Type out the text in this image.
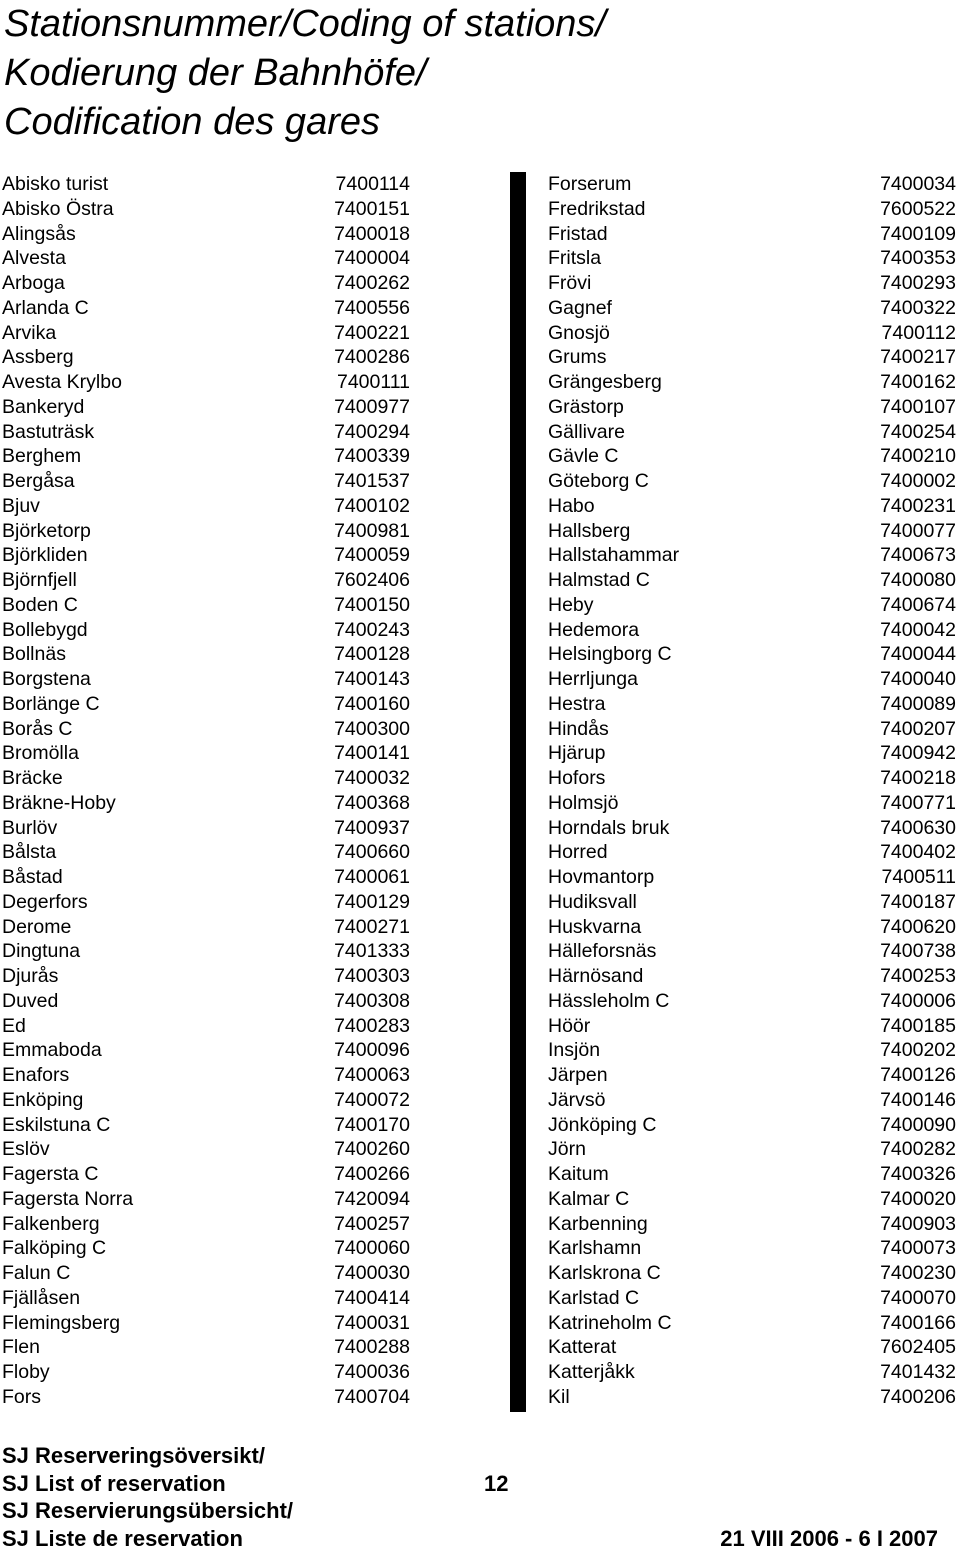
Stationsnummer/Coding of stations/
Kodierung der Bahnhöfe/
Codification des gares
Abisko turist	7400114
Abisko Östra	7400151
Alingsås	7400018
Alvesta	7400004
Arboga	7400262
Arlanda C	7400556
Arvika	7400221
Assberg	7400286
Avesta Krylbo	7400111
Bankeryd	7400977
Bastuträsk	7400294
Berghem	7400339
Bergåsa	7401537
Bjuv	7400102
Björketorp	7400981
Björkliden	7400059
Björnfjell	7602406
Boden C	7400150
Bollebygd	7400243
Bollnäs	7400128
Borgstena	7400143
Borlänge C	7400160
Borås C	7400300
Bromölla	7400141
Bräcke	7400032
Bräkne-Hoby	7400368
Burlöv	7400937
Bålsta	7400660
Båstad	7400061
Degerfors	7400129
Derome	7400271
Dingtuna	7401333
Djurås	7400303
Duved	7400308
Ed	7400283
Emmaboda	7400096
Enafors	7400063
Enköping	7400072
Eskilstuna C	7400170
Eslöv	7400260
Fagersta C	7400266
Fagersta Norra	7420094
Falkenberg	7400257
Falköping C	7400060
Falun C	7400030
Fjällåsen	7400414
Flemingsberg	7400031
Flen	7400288
Floby	7400036
Fors	7400704
Forserum	7400034
Fredrikstad	7600522
Fristad	7400109
Fritsla	7400353
Frövi	7400293
Gagnef	7400322
Gnosjö	7400112
Grums	7400217
Grängesberg	7400162
Grästorp	7400107
Gällivare	7400254
Gävle C	7400210
Göteborg C	7400002
Habo	7400231
Hallsberg	7400077
Hallstahammar	7400673
Halmstad C	7400080
Heby	7400674
Hedemora	7400042
Helsingborg C	7400044
Herrljunga	7400040
Hestra	7400089
Hindås	7400207
Hjärup	7400942
Hofors	7400218
Holmsjö	7400771
Horndals bruk	7400630
Horred	7400402
Hovmantorp	7400511
Hudiksvall	7400187
Huskvarna	7400620
Hälleforsnäs	7400738
Härnösand	7400253
Hässleholm C	7400006
Höör	7400185
Insjön	7400202
Järpen	7400126
Järvsö	7400146
Jönköping C	7400090
Jörn	7400282
Kaitum	7400326
Kalmar C	7400020
Karbenning	7400903
Karlshamn	7400073
Karlskrona C	7400230
Karlstad C	7400070
Katrineholm C	7400166
Katterat	7602405
Katterjåkk	7401432
Kil	7400206
SJ Reserveringsöversikt/
SJ List of reservation
SJ Reservierungsübersicht/
SJ Liste de reservation
12
21 VIII 2006 - 6 I 2007
